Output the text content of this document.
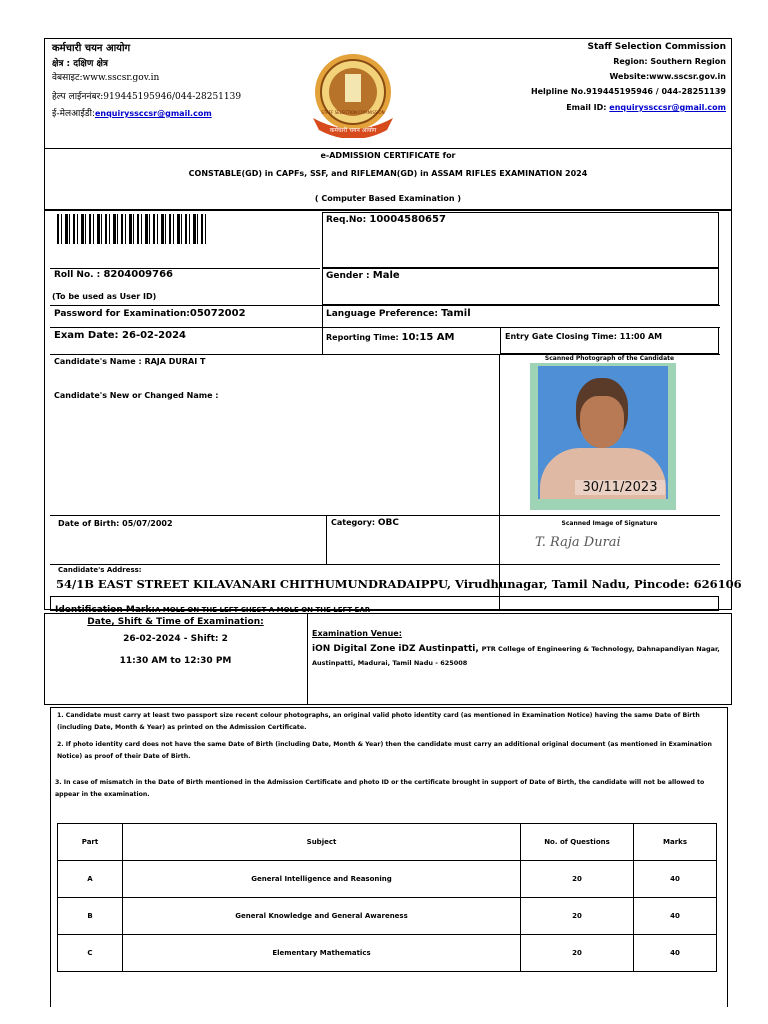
कर्मचारी चयन आयोग
क्षेत्र : दक्षिण क्षेत्र
वेबसाइट:www.sscsr.gov.in
हेल्प लाईननंबर:919445195946/044-28251139
ई-मेलआईडी:enquiryssccsr@gmail.com
कर्मचारी चयन आयोग
STAFF SELECTION COMMISSION
Staff Selection Commission
Region: Southern Region
Website:www.sscsr.gov.in
Helpline No.919445195946 / 044-28251139
Email ID: enquiryssccsr@gmail.com
e-ADMISSION CERTIFICATE for
CONSTABLE(GD) in CAPFs, SSF, and RIFLEMAN(GD) in ASSAM RIFLES EXAMINATION 2024
( Computer Based Examination )
Req.No: 10004580657
Roll No. : 8204009766
(To be used as User ID)
Gender : Male
Password for Examination:05072002	Language Preference: Tamil
Exam Date: 26-02-2024	Reporting Time: 10:15 AM	Entry Gate Closing Time: 11:00 AM
Candidate's Name : RAJA DURAI T
Candidate's New or Changed Name :
Scanned Photograph of the Candidate
30/11/2023
Date of Birth: 05/07/2002	Category: OBC	Scanned Image of Signature
T. Raja Durai
Candidate's Address:
54/1B EAST STREET KILAVANARI CHITHUMUNDRADAIPPU, Virudhunagar, Tamil Nadu, Pincode: 626106
Identification Mark:A MOLE ON THE LEFT CHEST A MOLE ON THE LEFT EAR
Date, Shift & Time of Examination:
26-02-2024 - Shift: 2
11:30 AM to 12:30 PM
Examination Venue:
iON Digital Zone iDZ Austinpatti, PTR College of Engineering & Technology, Dahnapandiyan Nagar,
Austinpatti, Madurai, Tamil Nadu - 625008
1. Candidate must carry at least two passport size recent colour photographs, an original valid photo identity card (as mentioned in Examination Notice) having the same Date of Birth (including Date, Month & Year) as printed on the Admission Certificate.
2. If photo identity card does not have the same Date of Birth (including Date, Month & Year) then the candidate must carry an additional original document (as mentioned in Examination Notice) as proof of their Date of Birth.
3. In case of mismatch in the Date of Birth mentioned in the Admission Certificate and photo ID or the certificate brought in support of Date of Birth, the candidate will not be allowed to appear in the examination.
Part	Subject	No. of Questions	Marks
A	General Intelligence and Reasoning	20	40
B	General Knowledge and General Awareness	20	40
C	Elementary Mathematics	20	40
